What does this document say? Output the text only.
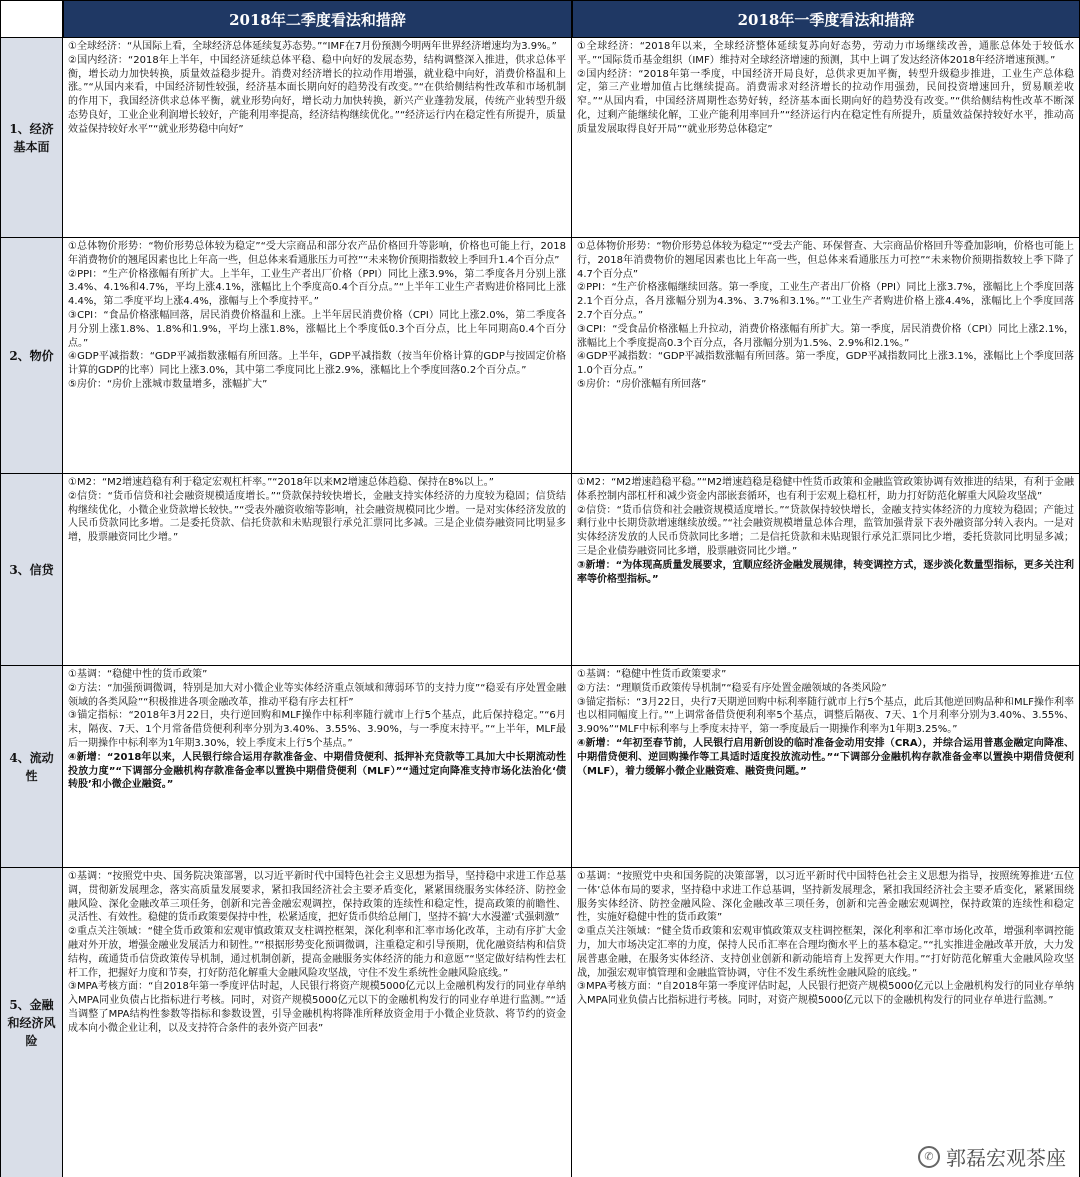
2018年二季度看法和措辞	2018年一季度看法和措辞
1、经济基本面

①全球经济：“从国际上看，全球经济总体延续复苏态势。”“IMF在7月份预测今明两年世界经济增速均为3.9%。”

②国内经济：“2018年上半年，中国经济延续总体平稳、稳中向好的发展态势，结构调整深入推进，供求总体平衡，增长动力加快转换，质量效益稳步提升。消费对经济增长的拉动作用增强，就业稳中向好，消费价格温和上涨。”“从国内来看，中国经济韧性较强，经济基本面长期向好的趋势没有改变。”“在供给侧结构性改革和市场机制的作用下，我国经济供求总体平衡，就业形势向好，增长动力加快转换，新兴产业蓬勃发展，传统产业转型升级态势良好，工业企业利润增长较好，产能利用率提高，经济结构继续优化。”“经济运行内在稳定性有所提升，质量效益保持较好水平”“就业形势稳中向好”

①全球经济：“2018年以来，全球经济整体延续复苏向好态势，劳动力市场继续改善，通胀总体处于较低水平。”“国际货币基金组织（IMF）维持对全球经济增速的预测，其中上调了发达经济体2018年经济增速预测。”

②国内经济：“2018年第一季度，中国经济开局良好，总供求更加平衡，转型升级稳步推进，工业生产总体稳定，第三产业增加值占比继续提高。消费需求对经济增长的拉动作用强劲，民间投资增速回升，贸易顺差收窄。”“从国内看，中国经济周期性态势好转，经济基本面长期向好的趋势没有改变。”“供给侧结构性改革不断深化，过剩产能继续化解，工业产能利用率回升”“经济运行内在稳定性有所提升，质量效益保持较好水平，推动高质量发展取得良好开局”“就业形势总体稳定”

2、物价

①总体物价形势：“物价形势总体较为稳定”“受大宗商品和部分农产品价格回升等影响，价格也可能上行，2018年消费物价的翘尾因素也比上年高一些，但总体来看通胀压力可控”“未来物价预期指数较上季回升1.4个百分点”

②PPI：“生产价格涨幅有所扩大。上半年，工业生产者出厂价格（PPI）同比上涨3.9%，第二季度各月分别上涨3.4%、4.1%和4.7%，平均上涨4.1%，涨幅比上个季度高0.4个百分点。”“上半年工业生产者购进价格同比上涨4.4%，第二季度平均上涨4.4%，涨幅与上个季度持平。”

③CPI：“食品价格涨幅回落，居民消费价格温和上涨。上半年居民消费价格（CPI）同比上涨2.0%，第二季度各月分别上涨1.8%、1.8%和1.9%，平均上涨1.8%，涨幅比上个季度低0.3个百分点，比上年同期高0.4个百分点。”

④GDP平减指数：“GDP平减指数涨幅有所回落。上半年，GDP平减指数（按当年价格计算的GDP与按固定价格计算的GDP的比率）同比上涨3.0%，其中第二季度同比上涨2.9%，涨幅比上个季度回落0.2个百分点。”

⑤房价：“房价上涨城市数量增多，涨幅扩大”

①总体物价形势：“物价形势总体较为稳定”“受去产能、环保督查、大宗商品价格回升等叠加影响，价格也可能上行，2018年消费物价的翘尾因素也比上年高一些，但总体来看通胀压力可控”“未来物价预期指数较上季下降了4.7个百分点”

②PPI：“生产价格涨幅继续回落。第一季度，工业生产者出厂价格（PPI）同比上涨3.7%，涨幅比上个季度回落2.1个百分点，各月涨幅分别为4.3%、3.7%和3.1%。”“工业生产者购进价格上涨4.4%，涨幅比上个季度回落2.7个百分点。”

③CPI：“受食品价格涨幅上升拉动，消费价格涨幅有所扩大。第一季度，居民消费价格（CPI）同比上涨2.1%，涨幅比上个季度提高0.3个百分点，各月涨幅分别为1.5%、2.9%和2.1%。”

④GDP平减指数：“GDP平减指数涨幅有所回落。第一季度，GDP平减指数同比上涨3.1%，涨幅比上个季度回落1.0个百分点。”

⑤房价：“房价涨幅有所回落”

3、信贷

①M2：“M2增速趋稳有利于稳定宏观杠杆率。”“2018年以来M2增速总体趋稳、保持在8%以上。”

②信贷：“货币信贷和社会融资规模适度增长。”“贷款保持较快增长，金融支持实体经济的力度较为稳固；信贷结构继续优化，小微企业贷款增长较快。”“受表外融资收缩等影响，社会融资规模同比少增。一是对实体经济发放的人民币贷款同比多增。二是委托贷款、信托贷款和未贴现银行承兑汇票同比多减。三是企业债券融资同比明显多增，股票融资同比少增。”

①M2：“M2增速趋稳平稳。”“M2增速趋稳是稳健中性货币政策和金融监管政策协调有效推进的结果，有利于金融体系控制内部杠杆和减少资金内部嵌套循环，也有利于宏观上稳杠杆，助力打好防范化解重大风险攻坚战”

②信贷：“货币信贷和社会融资规模适度增长。”“贷款保持较快增长，金融支持实体经济的力度较为稳固；产能过剩行业中长期贷款增速继续放缓。”“社会融资规模增量总体合理，监管加强背景下表外融资部分转入表内。一是对实体经济发放的人民币贷款同比多增；二是信托贷款和未贴现银行承兑汇票同比少增，委托贷款同比明显多减；三是企业债券融资同比多增，股票融资同比少增。”

③新增：“为体现高质量发展要求，宜顺应经济金融发展规律，转变调控方式，逐步淡化数量型指标，更多关注利率等价格型指标。”

4、流动性

①基调：“稳健中性的货币政策”

②方法：“加强预调微调，特别是加大对小微企业等实体经济重点领域和薄弱环节的支持力度”“稳妥有序处置金融领域的各类风险”“积极推进各项金融改革，推动平稳有序去杠杆”

③锚定指标：“2018年3月22日，央行逆回购和MLF操作中标利率随行就市上行5个基点，此后保持稳定。”“6月末，隔夜、7天、1个月常备借贷便利利率分别为3.40%、3.55%、3.90%，与一季度末持平。”“上半年，MLF最后一期操作中标利率为1年期3.30%，较上季度末上行5个基点。”

④新增：“2018年以来，人民银行综合运用存款准备金、中期借贷便利、抵押补充贷款等工具加大中长期流动性投放力度”“下调部分金融机构存款准备金率以置换中期借贷便利（MLF）”“通过定向降准支持市场化法治化‘债转股’和小微企业融资。”

①基调：“稳健中性货币政策要求”

②方法：“理顺货币政策传导机制”“稳妥有序处置金融领域的各类风险”

③锚定指标：“3月22日，央行7天期逆回购中标利率随行就市上行5个基点，此后其他逆回购品种和MLF操作利率也以相同幅度上行。”“上调常备借贷便利利率5个基点，调整后隔夜、7天、1个月利率分别为3.40%、3.55%、3.90%”“MLF中标利率与上季度末持平，第一季度最后一期操作利率为1年期3.25%。”

④新增：“年初至春节前，人民银行启用新创设的临时准备金动用安排（CRA），并综合运用普惠金融定向降准、中期借贷便利、逆回购操作等工具适时适度投放流动性。”“下调部分金融机构存款准备金率以置换中期借贷便利（MLF），着力缓解小微企业融资难、融资贵问题。”

5、金融和经济风险

①基调：“按照党中央、国务院决策部署，以习近平新时代中国特色社会主义思想为指导，坚持稳中求进工作总基调，贯彻新发展理念，落实高质量发展要求，紧扣我国经济社会主要矛盾变化，紧紧围绕服务实体经济、防控金融风险、深化金融改革三项任务，创新和完善金融宏观调控，保持政策的连续性和稳定性，提高政策的前瞻性、灵活性、有效性。稳健的货币政策要保持中性，松紧适度，把好货币供给总闸门，坚持不搞‘大水漫灌’式强刺激”

②重点关注领域：“健全货币政策和宏观审慎政策双支柱调控框架，深化利率和汇率市场化改革，主动有序扩大金融对外开放，增强金融业发展活力和韧性。”“根据形势变化预调微调，注重稳定和引导预期，优化融资结构和信贷结构，疏通货币信贷政策传导机制，通过机制创新，提高金融服务实体经济的能力和意愿”“坚定做好结构性去杠杆工作，把握好力度和节奏，打好防范化解重大金融风险攻坚战，守住不发生系统性金融风险底线。”

③MPA考核方面：“自2018年第一季度评估时起，人民银行将资产规模5000亿元以上金融机构发行的同业存单纳入MPA同业负债占比指标进行考核。同时，对资产规模5000亿元以下的金融机构发行的同业存单进行监测。”“适当调整了MPA结构性参数等指标和参数设置，引导金融机构将降准所释放资金用于小微企业贷款、将节约的资金成本向小微企业让利，以及支持符合条件的表外资产回表”

①基调：“按照党中央和国务院的决策部署，以习近平新时代中国特色社会主义思想为指导，按照统筹推进‘五位一体’总体布局的要求，坚持稳中求进工作总基调，坚持新发展理念，紧扣我国经济社会主要矛盾变化，紧紧围绕服务实体经济、防控金融风险、深化金融改革三项任务，创新和完善金融宏观调控，保持政策的连续性和稳定性，实施好稳健中性的货币政策”

②重点关注领域：“健全货币政策和宏观审慎政策双支柱调控框架，深化利率和汇率市场化改革，增强利率调控能力，加大市场决定汇率的力度，保持人民币汇率在合理均衡水平上的基本稳定。”“扎实推进金融改革开放，大力发展普惠金融，在服务实体经济、支持创业创新和新动能培育上发挥更大作用。”“打好防范化解重大金融风险攻坚战，加强宏观审慎管理和金融监管协调，守住不发生系统性金融风险的底线。”

③MPA考核方面：“自2018年第一季度评估时起，人民银行把资产规模5000亿元以上金融机构发行的同业存单纳入MPA同业负债占比指标进行考核。同时，对资产规模5000亿元以下的金融机构发行的同业存单进行监测。”

✆ 郭磊宏观茶座
